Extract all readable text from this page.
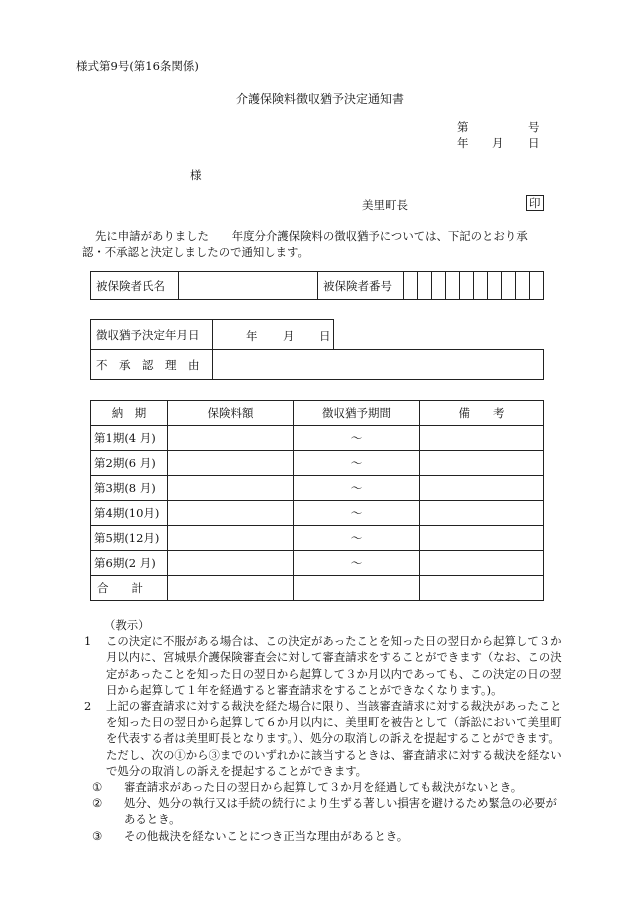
様式第9号(第16条関係)
介護保険料徴収猶予決定通知書
第	号
年 月 日
様
美里町長	印
先に申請がありました　　年度分介護保険料の徴収猶予については、下記のとおり承
認・不承認と決定しましたので通知します。
被保険者氏名		被保険者番号										
徴収猶予決定年月日	年 月 日	

不　承　認　理　由		
納　期	保険料額	徴収猶予期間	備　　考
第1期(4 月)		～	
第2期(6 月)		～	
第3期(8 月)		～	
第4期(10月)		～	
第5期(12月)		～	
第6期(2 月)		～	
合　　計			
（教示）
1 この決定に不服がある場合は、この決定があったことを知った日の翌日から起算して３か月以内に、宮城県介護保険審査会に対して審査請求をすることができます（なお、この決定があったことを知った日の翌日から起算して３か月以内であっても、この決定の日の翌日から起算して１年を経過すると審査請求をすることができなくなります。)。
2 上記の審査請求に対する裁決を経た場合に限り、当該審査請求に対する裁決があったことを知った日の翌日から起算して６か月以内に、美里町を被告として（訴訟において美里町を代表する者は美里町長となります。）、処分の取消しの訴えを提起することができます。ただし、次の①から③までのいずれかに該当するときは、審査請求に対する裁決を経ないで処分の取消しの訴えを提起することができます。
① 審査請求があった日の翌日から起算して３か月を経過しても裁決がないとき。
② 処分、処分の執行又は手続の続行により生ずる著しい損害を避けるため緊急の必要があるとき。
③ その他裁決を経ないことにつき正当な理由があるとき。
